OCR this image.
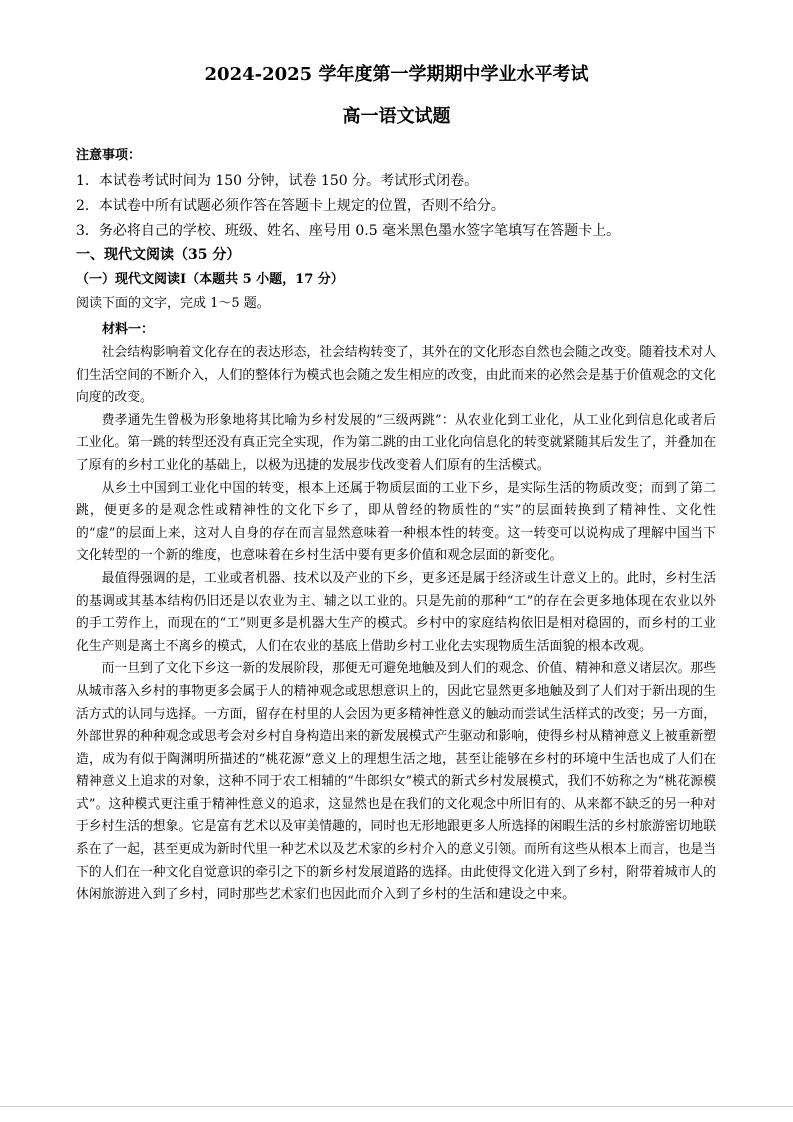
2024-2025 学年度第一学期期中学业水平考试
高一语文试题
注意事项：
1．本试卷考试时间为 150 分钟，试卷 150 分。考试形式闭卷。
2．本试卷中所有试题必须作答在答题卡上规定的位置，否则不给分。
3．务必将自己的学校、班级、姓名、座号用 0.5 毫米黑色墨水签字笔填写在答题卡上。
一、现代文阅读（35 分）
（一）现代文阅读Ⅰ（本题共 5 小题，17 分）
阅读下面的文字，完成 1～5 题。
材料一：

社会结构影响着文化存在的表达形态，社会结构转变了，其外在的文化形态自然也会随之改变。随着技术对人们生活空间的不断介入，人们的整体行为模式也会随之发生相应的改变，由此而来的必然会是基于价值观念的文化向度的改变。

费孝通先生曾极为形象地将其比喻为乡村发展的“三级两跳”：从农业化到工业化，从工业化到信息化或者后工业化。第一跳的转型还没有真正完全实现，作为第二跳的由工业化向信息化的转变就紧随其后发生了，并叠加在了原有的乡村工业化的基础上，以极为迅捷的发展步伐改变着人们原有的生活模式。

从乡土中国到工业化中国的转变，根本上还属于物质层面的工业下乡，是实际生活的物质改变；而到了第二跳，便更多的是观念性或精神性的文化下乡了，即从曾经的物质性的“实”的层面转换到了精神性、文化性的“虚”的层面上来，这对人自身的存在而言显然意味着一种根本性的转变。这一转变可以说构成了理解中国当下文化转型的一个新的维度，也意味着在乡村生活中要有更多价值和观念层面的新变化。

最值得强调的是，工业或者机器、技术以及产业的下乡，更多还是属于经济或生计意义上的。此时，乡村生活的基调或其基本结构仍旧还是以农业为主、辅之以工业的。只是先前的那种“工”的存在会更多地体现在农业以外的手工劳作上，而现在的“工”则更多是机器大生产的模式。乡村中的家庭结构依旧是相对稳固的，而乡村的工业化生产则是离土不离乡的模式，人们在农业的基底上借助乡村工业化去实现物质生活面貌的根本改观。

而一旦到了文化下乡这一新的发展阶段，那便无可避免地触及到人们的观念、价值、精神和意义诸层次。那些从城市落入乡村的事物更多会属于人的精神观念或思想意识上的，因此它显然更多地触及到了人们对于新出现的生活方式的认同与选择。一方面，留存在村里的人会因为更多精神性意义的触动而尝试生活样式的改变；另一方面，外部世界的种种观念或思考会对乡村自身构造出来的新发展模式产生驱动和影响，使得乡村从精神意义上被重新塑造，成为有似于陶渊明所描述的“桃花源”意义上的理想生活之地，甚至让能够在乡村的环境中生活也成了人们在精神意义上追求的对象，这种不同于农工相辅的“牛郎织女”模式的新式乡村发展模式，我们不妨称之为“桃花源模式”。这种模式更注重于精神性意义的追求，这显然也是在我们的文化观念中所旧有的、从来都不缺乏的另一种对于乡村生活的想象。它是富有艺术以及审美情趣的，同时也无形地跟更多人所选择的闲暇生活的乡村旅游密切地联系在了一起，甚至更成为新时代里一种艺术以及艺术家的乡村介入的意义引领。而所有这些从根本上而言，也是当下的人们在一种文化自觉意识的牵引之下的新乡村发展道路的选择。由此使得文化进入到了乡村，附带着城市人的休闲旅游进入到了乡村，同时那些艺术家们也因此而介入到了乡村的生活和建设之中来。
